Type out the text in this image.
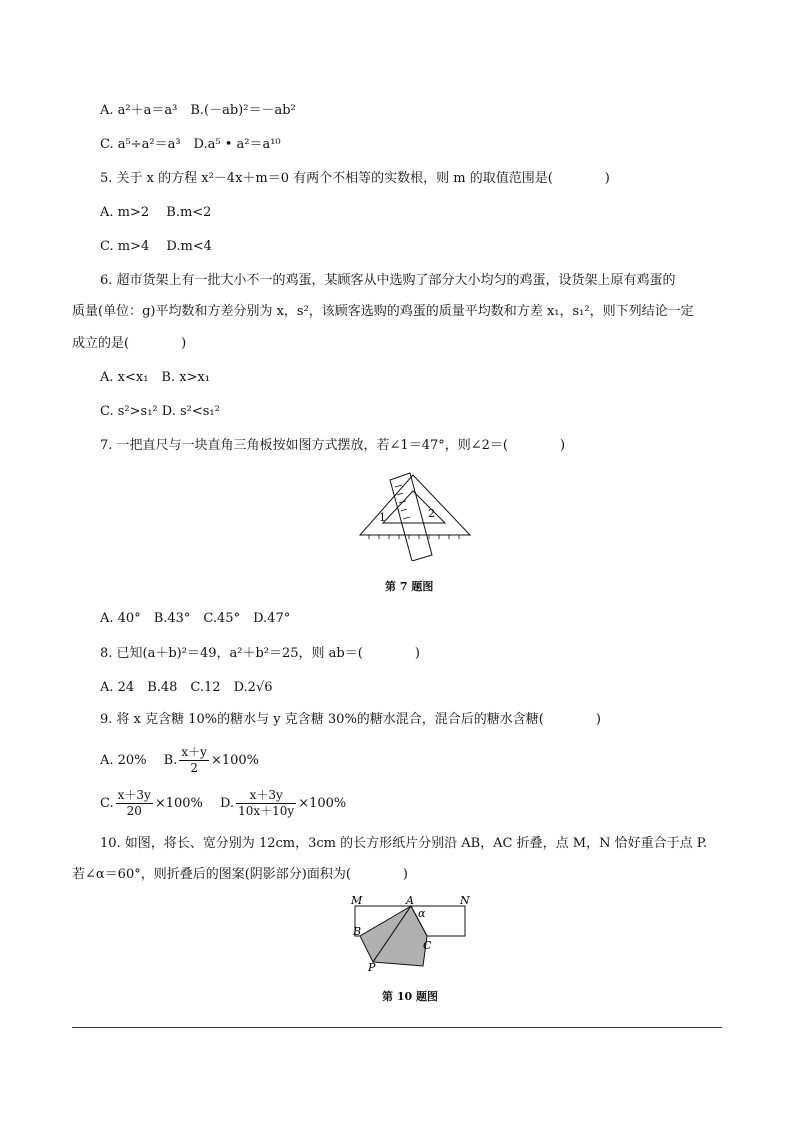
A. a²＋a＝a³　B.(－ab)²＝－ab²
C. a⁵÷a²＝a³　D.a⁵ • a²＝a¹⁰
5. 关于 x 的方程 x²－4x＋m＝0 有两个不相等的实数根，则 m 的取值范围是(　　　　)
A. m>2　 B.m<2
C. m>4　 D.m<4
6. 超市货架上有一批大小不一的鸡蛋，某顾客从中选购了部分大小均匀的鸡蛋，设货架上原有鸡蛋的
质量(单位：g)平均数和方差分别为 x，s²，该顾客选购的鸡蛋的质量平均数和方差 x₁，s₁²，则下列结论一定
成立的是(　　　　)
A. x<x₁　B. x>x₁
C. s²>s₁² D. s²<s₁²
7. 一把直尺与一块直角三角板按如图方式摆放，若∠1＝47°，则∠2＝(　　　　)
1	2
第 7 题图
A. 40°　B.43°　C.45°　D.47°
8. 已知(a＋b)²＝49，a²＋b²＝25，则 ab＝(　　　　)
A. 24　B.48　C.12　D.2√6
9. 将 x 克含糖 10%的糖水与 y 克含糖 30%的糖水混合，混合后的糖水含糖(　　　　)
A. 20%　 B. $\frac{x+y}{2} \times 100\%$
C. $\frac{x+3y}{20} \times 100\%$　 D. $\frac{x+3y}{10x+10y} \times 100\%$
10. 如图，将长、宽分别为 12cm，3cm 的长方形纸片分别沿 AB，AC 折叠，点 M，N 恰好重合于点 P.
若∠α＝60°，则折叠后的图案(阴影部分)面积为(　　　　)
M	A	N
B
C
P
α
第 10 题图
